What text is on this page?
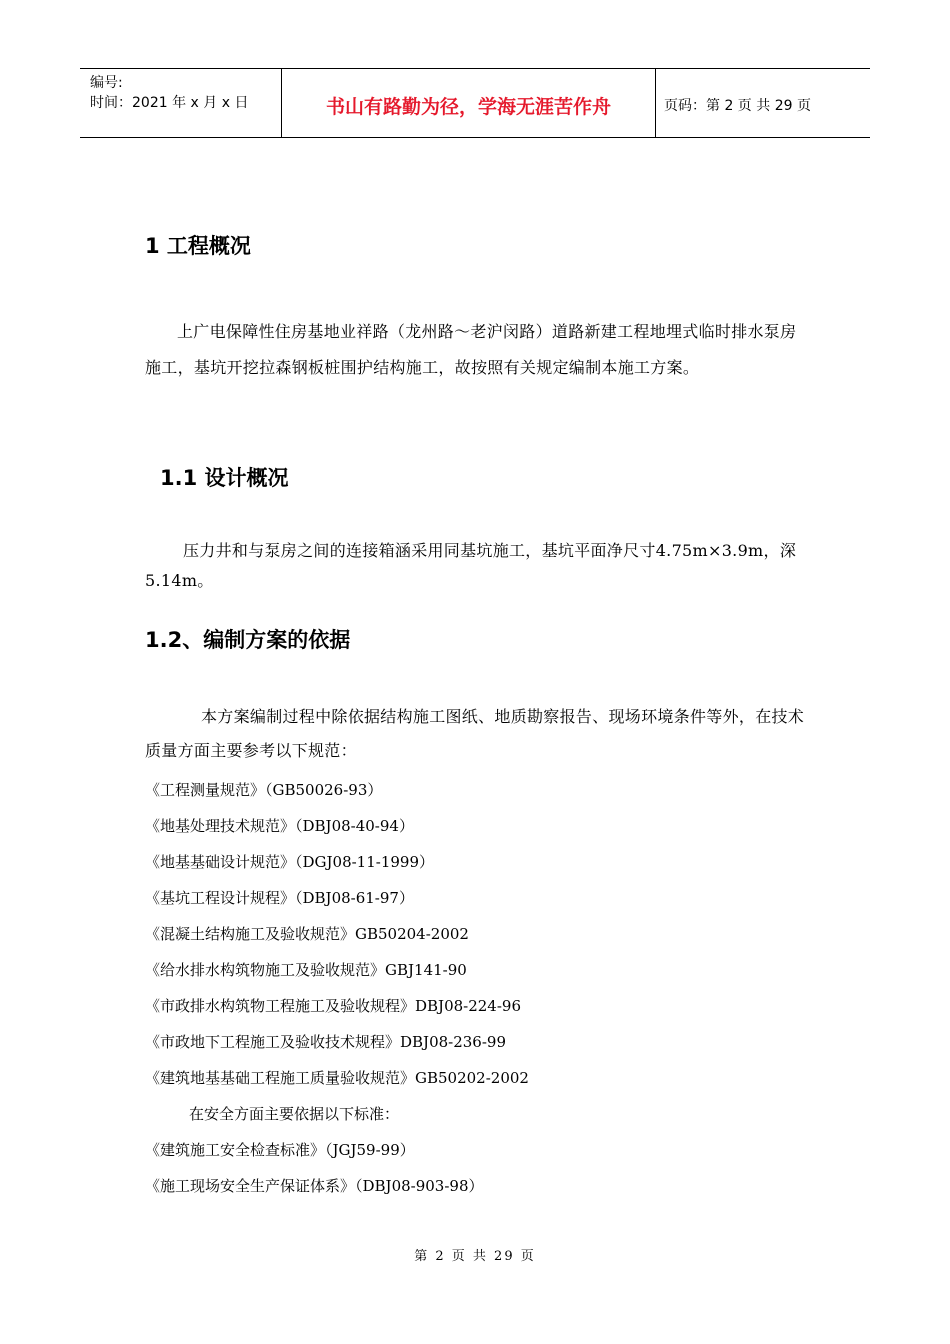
编号:
时间：2021 年 x 月 x 日	书山有路勤为径，学海无涯苦作舟	页码：第 2 页 共 29 页
1 工程概况
上广电保障性住房基地业祥路（龙州路～老沪闵路）道路新建工程地埋式临时排水泵房施工，基坑开挖拉森钢板桩围护结构施工，故按照有关规定编制本施工方案。
1.1 设计概况
压力井和与泵房之间的连接箱涵采用同基坑施工，基坑平面净尺寸4.75m×3.9m，深5.14m。
1.2、编制方案的依据
本方案编制过程中除依据结构施工图纸、地质勘察报告、现场环境条件等外，在技术质量方面主要参考以下规范：
《工程测量规范》（GB50026-93）
《地基处理技术规范》（DBJ08-40-94）
《地基基础设计规范》（DGJ08-11-1999）
《基坑工程设计规程》（DBJ08-61-97）
《混凝土结构施工及验收规范》GB50204-2002
《给水排水构筑物施工及验收规范》GBJ141-90
《市政排水构筑物工程施工及验收规程》DBJ08-224-96
《市政地下工程施工及验收技术规程》DBJ08-236-99
《建筑地基基础工程施工质量验收规范》GB50202-2002
在安全方面主要依据以下标准：
《建筑施工安全检查标准》（JGJ59-99）
《施工现场安全生产保证体系》（DBJ08-903-98）
第 2 页 共 29 页
